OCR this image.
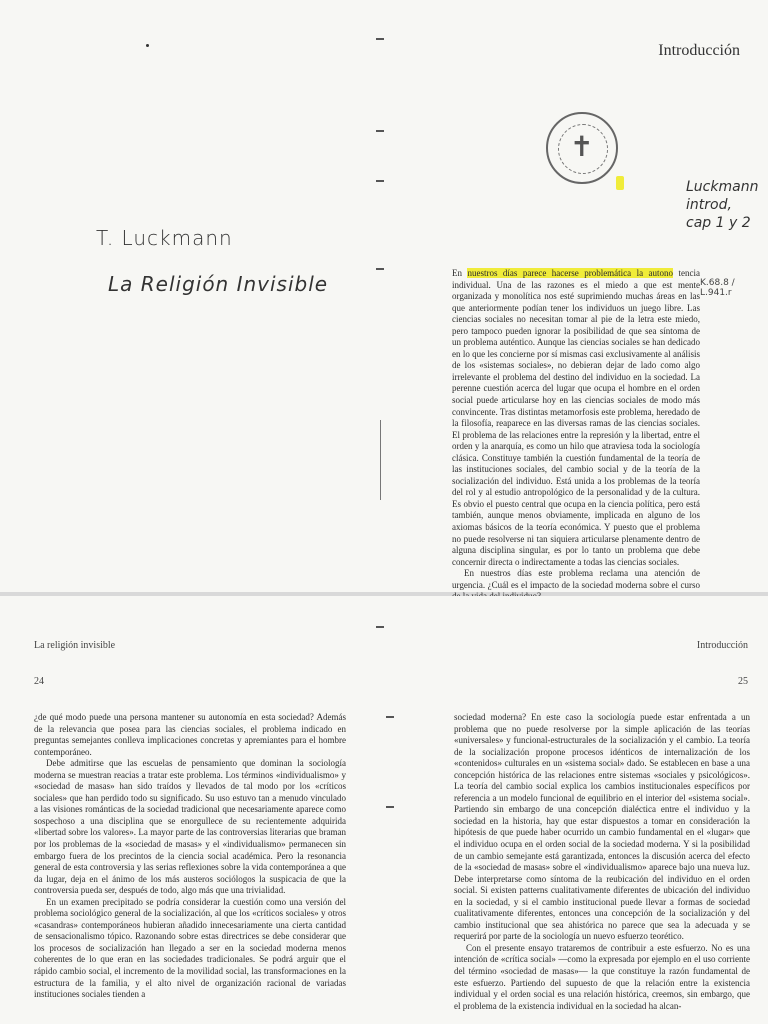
T. Luckmann
La Religión Invisible
Introducción
✝
Luckmann
introd,
cap 1 y 2
K.68.8 / L.941.r

En nuestros días parece hacerse problemática la autono tencia individual. Una de las razones es el miedo a que est mente organizada y monolítica nos esté suprimiendo muchas áreas en las que anteriormente podían tener los individuos un juego libre. Las ciencias sociales no necesitan tomar al pie de la letra este miedo, pero tampoco pueden ignorar la posibilidad de que sea síntoma de un problema auténtico. Aunque las ciencias sociales se han dedicado en lo que les concierne por sí mismas casi exclusivamente al análisis de los «sistemas sociales», no debieran dejar de lado como algo irrelevante el problema del destino del individuo en la sociedad. La perenne cuestión acerca del lugar que ocupa el hombre en el orden social puede articularse hoy en las ciencias sociales de modo más convincente. Tras distintas metamorfosis este problema, heredado de la filosofía, reaparece en las diversas ramas de las ciencias sociales. El problema de las relaciones entre la represión y la libertad, entre el orden y la anarquía, es como un hilo que atraviesa toda la sociología clásica. Constituye también la cuestión fundamental de la teoría de las instituciones sociales, del cambio social y de la teoría de la socialización del individuo. Está unida a los problemas de la teoría del rol y al estudio antropológico de la personalidad y de la cultura. Es obvio el puesto central que ocupa en la ciencia política, pero está también, aunque menos obviamente, implicada en alguno de los axiomas básicos de la teoría económica. Y puesto que el problema no puede resolverse ni tan siquiera articularse plenamente dentro de alguna disciplina singular, es por lo tanto un problema que debe concernir directa o indirectamente a todas las ciencias sociales.

En nuestros días este problema reclama una atención de urgencia. ¿Cuál es el impacto de la sociedad moderna sobre el curso

La religión invisible
24

¿de qué modo puede una persona mantener su autonomía en esta sociedad? Además de la relevancia que posea para las ciencias sociales, el problema indicado en preguntas semejantes conlleva implicaciones concretas y apremiantes para el hombre contemporáneo.

Debe admitirse que las escuelas de pensamiento que dominan la sociología moderna se muestran reacias a tratar este problema. Los términos «individualismo» y «sociedad de masas» han sido traídos y llevados de tal modo por los «críticos sociales» que han perdido todo su significado. Su uso estuvo tan a menudo vinculado a las visiones románticas de la sociedad tradicional que necesariamente aparece como sospechoso a una disciplina que se enorgullece de su recientemente adquirida «libertad sobre los valores». La mayor parte de las controversias literarias que braman por los problemas de la «sociedad de masas» y el «individualismo» permanecen sin embargo fuera de los precintos de la ciencia social académica. Pero la resonancia general de esta controversia y las serias reflexiones sobre la vida contemporánea a que da lugar, deja en el ánimo de los más austeros sociólogos la suspicacia de que la controversia pueda ser, después de todo, algo más que una trivialidad.

En un examen precipitado se podría considerar la cuestión como una versión del problema sociológico general de la socialización, al que los «críticos sociales» y otros «casandras» contemporáneos hubieran añadido innecesariamente una cierta cantidad de sensacionalismo tópico. Razonando sobre estas directrices se debe considerar que los procesos de socialización han llegado a ser en la sociedad moderna menos coherentes de lo que eran en las sociedades tradicionales. Se podrá arguir que el rápido cambio social, el incremento de la movilidad social, las transformaciones en la estructura de la familia, y el alto nivel de organización racional de variadas instituciones sociales tienden a

Introducción
25

sociedad moderna? En este caso la sociología puede estar enfrentada a un problema que no puede resolverse por la simple aplicación de las teorías «universales» y funcional-estructurales de la socialización y el cambio. La teoría de la socialización propone procesos idénticos de internalización de los «contenidos» culturales en un «sistema social» dado. Se establecen en base a una concepción histórica de las relaciones entre sistemas «sociales y psicológicos». La teoría del cambio social explica los cambios institucionales específicos por referencia a un modelo funcional de equilibrio en el interior del «sistema social». Partiendo sin embargo de una concepción dialéctica entre el individuo y la sociedad en la historia, hay que estar dispuestos a tomar en consideración la hipótesis de que puede haber ocurrido un cambio fundamental en el «lugar» que el individuo ocupa en el orden social de la sociedad moderna. Y si la posibilidad de un cambio semejante está garantizada, entonces la discusión acerca del efecto de la «sociedad de masas» sobre el «individualismo» aparece bajo una nueva luz. Debe interpretarse como síntoma de la reubicación del individuo en el orden social. Si existen patterns cualitativamente diferentes de ubicación del individuo en la sociedad, y si el cambio institucional puede llevar a formas de sociedad cualitativamente diferentes, entonces una concepción de la socialización y del cambio institucional que sea ahistórica no parece que sea la adecuada y se requerirá por parte de la sociología un nuevo esfuerzo teorético.

Con el presente ensayo trataremos de contribuir a este esfuerzo. No es una intención de «crítica social» —como la expresada por ejemplo en el uso corriente del término «sociedad de masas»— la que constituye la razón fundamental de este esfuerzo. Partiendo del supuesto de que la relación entre la existencia individual y el orden social es una relación histórica, creemos, sin embargo, que el problema de la existencia individual en la sociedad ha alcan-
